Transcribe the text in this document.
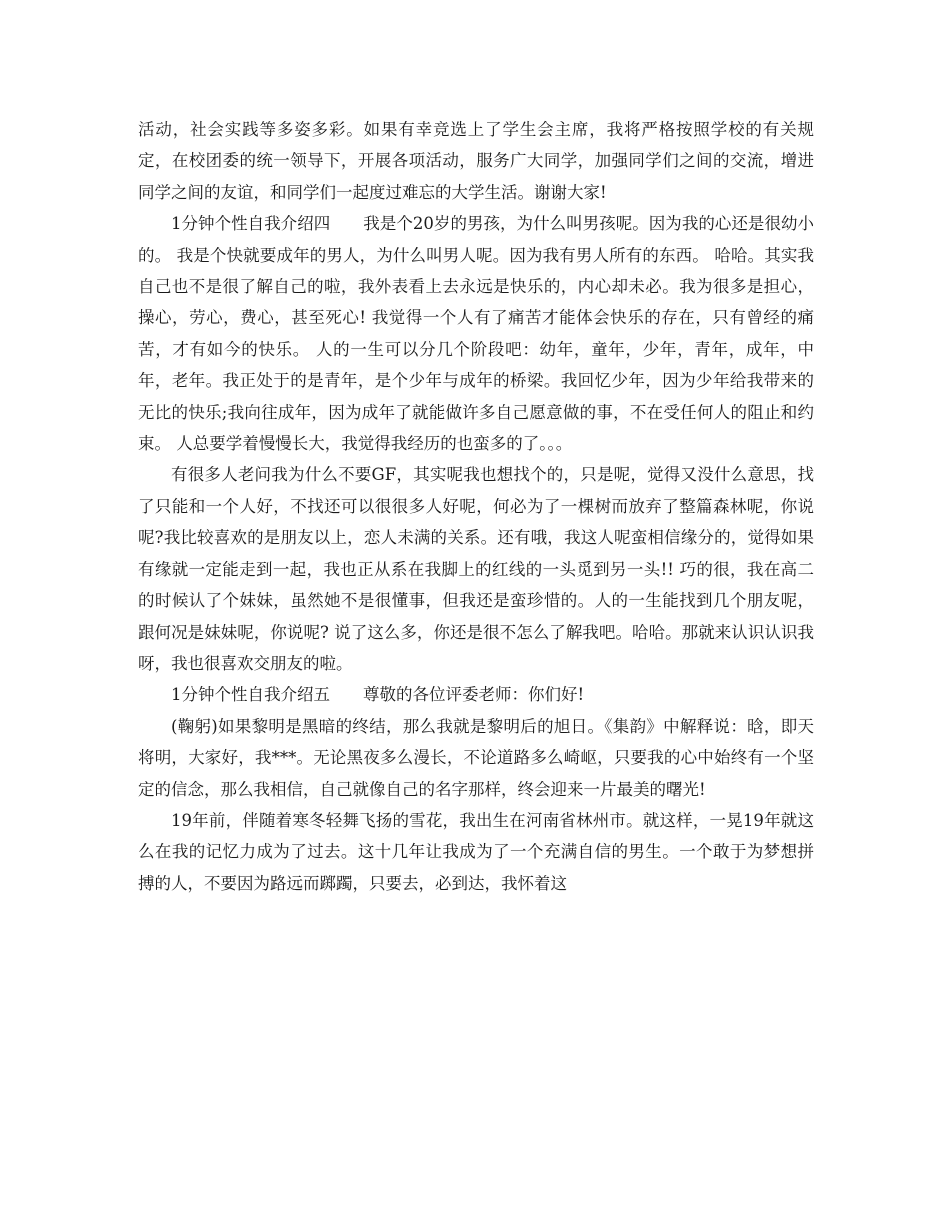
活动，社会实践等多姿多彩。如果有幸竞选上了学生会主席，我将严格按照学校的有关规定，在校团委的统一领导下，开展各项活动，服务广大同学，加强同学们之间的交流，增进同学之间的友谊，和同学们一起度过难忘的大学生活。谢谢大家!

1分钟个性自我介绍四 我是个20岁的男孩，为什么叫男孩呢。因为我的心还是很幼小的。 我是个快就要成年的男人，为什么叫男人呢。因为我有男人所有的东西。 哈哈。其实我自己也不是很了解自己的啦，我外表看上去永远是快乐的，内心却未必。我为很多是担心，操心，劳心，费心，甚至死心! 我觉得一个人有了痛苦才能体会快乐的存在，只有曾经的痛苦，才有如今的快乐。 人的一生可以分几个阶段吧：幼年，童年，少年，青年，成年，中年，老年。我正处于的是青年，是个少年与成年的桥梁。我回忆少年，因为少年给我带来的无比的快乐;我向往成年，因为成年了就能做许多自己愿意做的事，不在受任何人的阻止和约束。 人总要学着慢慢长大，我觉得我经历的也蛮多的了。。。

有很多人老问我为什么不要GF，其实呢我也想找个的，只是呢，觉得又没什么意思，找了只能和一个人好，不找还可以很很多人好呢，何必为了一棵树而放弃了整篇森林呢，你说呢?我比较喜欢的是朋友以上，恋人未满的关系。还有哦，我这人呢蛮相信缘分的，觉得如果有缘就一定能走到一起，我也正从系在我脚上的红线的一头觅到另一头!! 巧的很，我在高二的时候认了个妹妹，虽然她不是很懂事，但我还是蛮珍惜的。人的一生能找到几个朋友呢，跟何况是妹妹呢，你说呢? 说了这么多，你还是很不怎么了解我吧。哈哈。那就来认识认识我呀，我也很喜欢交朋友的啦。

1分钟个性自我介绍五 尊敬的各位评委老师：你们好!

(鞠躬)如果黎明是黑暗的终结，那么我就是黎明后的旭日。《集韵》中解释说：晗，即天将明，大家好，我***。无论黑夜多么漫长，不论道路多么崎岖，只要我的心中始终有一个坚定的信念，那么我相信，自己就像自己的名字那样，终会迎来一片最美的曙光!

19年前，伴随着寒冬轻舞飞扬的雪花，我出生在河南省林州市。就这样，一晃19年就这么在我的记忆力成为了过去。这十几年让我成为了一个充满自信的男生。一个敢于为梦想拼搏的人，不要因为路远而踯躅，只要去，必到达，我怀着这
